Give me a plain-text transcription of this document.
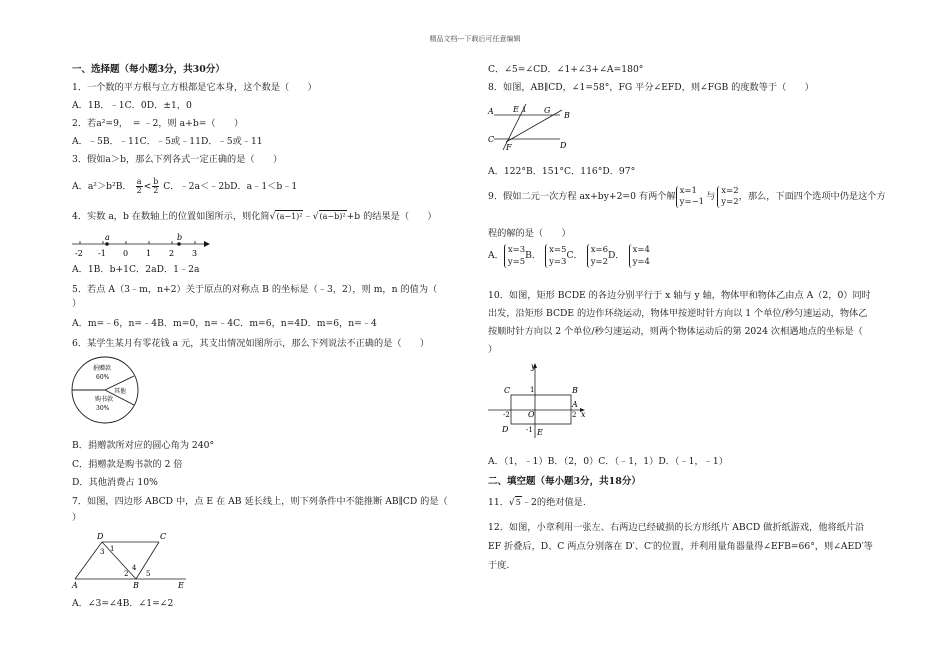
精品文档---下载后可任意编辑
一、选择题（每小题3分，共30分）
1．一个数的平方根与立方根都是它本身，这个数是（　　）
A．1B．﹣1C．0D．±1，0
2．若a²=9，　= ﹣2，则 a+b=（　　）
A．﹣5B．﹣11C．﹣5或﹣11D．﹣5或﹣11
3．假如a＞b，那么下列各式一定正确的是（　　）
A．a²＞b²B． a
2 <b
2 C．﹣2a＜﹣2bD．a﹣1＜b﹣1
4．实数 a，b 在数轴上的位置如图所示，则化简√(a−1)²﹣√(a−b)²+b 的结果是（　　）
a	b
-2 -1 0 1 2 3
A．1B．b+1C．2aD．1﹣2a
5．若点 A（3﹣m，n+2）关于原点的对称点 B 的坐标是（﹣3，2），则 m，n 的值为（
）
A．m=﹣6，n=﹣4B．m=0，n=﹣4C．m=6，n=4D．m=6，n=﹣4
6．某学生某月有零花钱 a 元，其支出情况如图所示，那么下列说法不正确的是（　　）
捐赠款
60%
其他
购书款
30%
B．捐赠款所对应的圆心角为 240°
C．捐赠款是购书款的 2 倍
D．其他消费占 10%
7．如图，四边形 ABCD 中，点 E 在 AB 延长线上，则下列条件中不能推断 AB∥CD 的是（
）
D	C
1
3
2
4
5
A	B	E
A．∠3=∠4B．∠1=∠2
C．∠5=∠CD．∠1+∠3+∠A=180°
8．如图，AB∥CD，∠1=58°，FG 平分∠EFD，则∠FGB 的度数等于（　　）
A E 1 G
B
C
F	D
A．122°B．151°C．116°D．97°
9．假如二元一次方程 ax+by+2=0 有两个解 x=1
y=−1 与 x=2
y=2，那么，下面四个选项中仍是这个方
程的解的是（　　）
A． x=3
y=5B． x=5
y=3C． x=6
y=2D． x=4
y=4
10．如图，矩形 BCDE 的各边分别平行于 x 轴与 y 轴，物体甲和物体乙由点 A（2，0）同时
出发，沿矩形 BCDE 的边作环绕运动，物体甲按逆时针方向以 1 个单位/秒匀速运动，物体乙
按顺时针方向以 2 个单位/秒匀速运动，则两个物体运动后的第 2024 次相遇地点的坐标是（
）
y
C	1	B
-2 O
A
2 x
D	-1 E
A．（1，﹣1）B．（2，0）C．（﹣1，1）D．（﹣1，﹣1）
二、填空题（每小题3分，共18分）
11．√5﹣2的绝对值是.
12．如图，小章利用一张左、右两边已经破损的长方形纸片 ABCD 做折纸游戏，他将纸片沿
EF 折叠后，D、C 两点分别落在 D′、C′的位置，并利用量角器量得∠EFB=66°，则∠AED′等
于度.
